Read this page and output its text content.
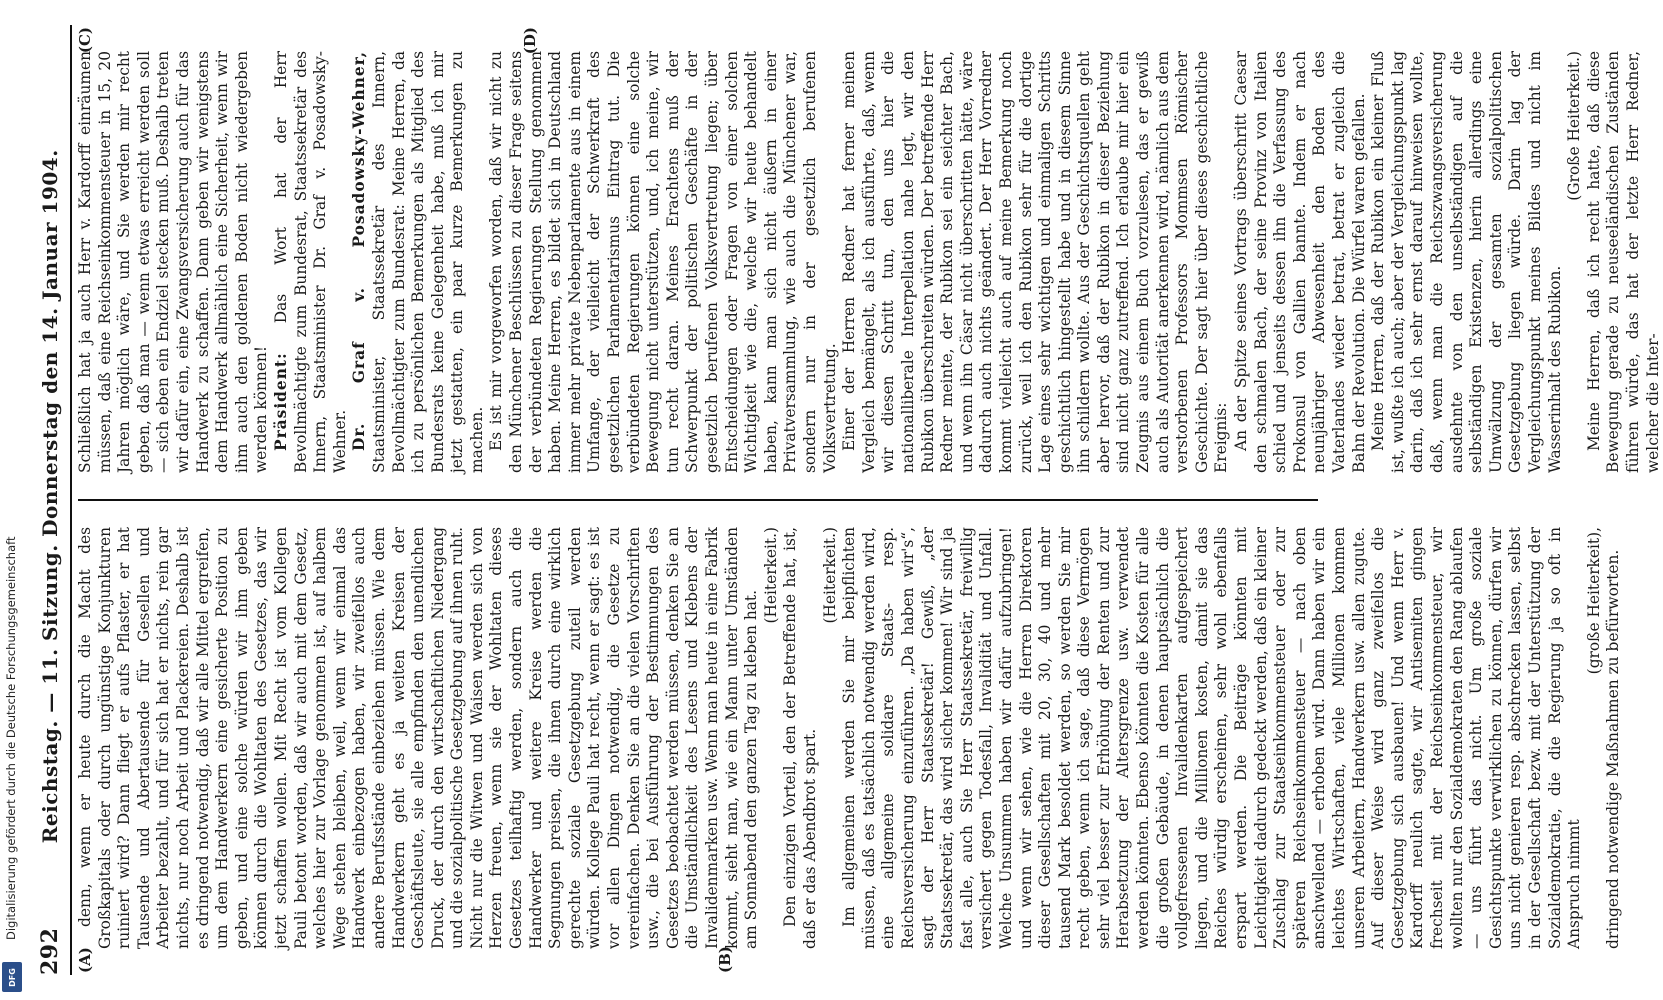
Digitalisierung gefördert durch die Deutsche Forschungsgemeinschaft
DFG
292
Reichstag. — 11. Sitzung. Donnerstag den 14. Januar 1904.
(A)	(B)

denn, wenn er heute durch die Macht des Großkapitals oder durch ungünstige Konjunkturen ruiniert wird? Dann fliegt er aufs Pflaster, er hat Tausende und Abertausende für Gesellen und Arbeiter bezahlt, und für sich hat er nichts, rein gar nichts, nur noch Arbeit und Plackereien. Deshalb ist es dringend notwendig, daß wir alle Mittel ergreifen, um dem Handwerkern eine gesicherte Position zu geben, und eine solche würden wir ihm geben können durch die Wohltaten des Gesetzes, das wir jetzt schaffen wollen. Mit Recht ist vom Kollegen Pauli betont worden, daß wir auch mit dem Gesetz, welches hier zur Vorlage genommen ist, auf halbem Wege stehen bleiben, weil, wenn wir einmal das Handwerk einbezogen haben, wir zweifellos auch andere Berufsstände einbeziehen müssen. Wie dem Handwerkern geht es ja weiten Kreisen der Geschäftsleute, sie alle empfinden den unendlichen Druck, der durch den wirtschaftlichen Niedergang und die sozialpolitische Gesetzgebung auf ihnen ruht. Nicht nur die Witwen und Waisen werden sich von Herzen freuen, wenn sie der Wohltaten dieses Gesetzes teilhaftig werden, sondern auch die Handwerker und weitere Kreise werden die Segnungen preisen, die ihnen durch eine wirklich gerechte soziale Gesetzgebung zuteil werden würden. Kollege Pauli hat recht, wenn er sagt: es ist vor allen Dingen notwendig, die Gesetze zu vereinfachen. Denken Sie an die vielen Vorschriften usw., die bei Ausführung der Bestimmungen des Gesetzes beobachtet werden müssen, denken Sie an die Umständlichkeit des Lesens und Klebens der Invalidenmarken usw. Wenn man heute in eine Fabrik kommt, sieht man, wie ein Mann unter Umständen am Sonnabend den ganzen Tag zu kleben hat.

(Heiterkeit.) Den einzigen Vorteil, den der Betreffende hat, ist, daß er das Abendbrot spart.

(Heiterkeit.) Im allgemeinen werden Sie mir beipflichten müssen, daß es tatsächlich notwendig werden wird, eine allgemeine solidare Staats- resp. Reichsversicherung einzuführen. „Da haben wir's“, sagt der Herr Staatssekretär! Gewiß, „der Staatssekretär, das wird sicher kommen! Wir sind ja fast alle, auch Sie Herr Staatssekretär, freiwillig versichert gegen Todesfall, Invalidität und Unfall. Welche Unsummen haben wir dafür aufzubringen! und wenn wir sehen, wie die Herren Direktoren dieser Gesellschaften mit 20, 30, 40 und mehr tausend Mark besoldet werden, so werden Sie mir recht geben, wenn ich sage, daß diese Vermögen sehr viel besser zur Erhöhung der Renten und zur Herabsetzung der Altersgrenze usw. verwendet werden könnten. Ebenso könnten die Kosten für alle die großen Gebäude, in denen hauptsächlich die vollgefressenen Invalidenkarten aufgespeichert liegen, und die Millionen kosten, damit sie das Reiches würdig erscheinen, sehr wohl ebenfalls erspart werden. Die Beiträge könnten mit Leichtigkeit dadurch gedeckt werden, daß ein kleiner Zuschlag zur Staatseinkommensteuer oder zur späteren Reichseinkommensteuer — nach oben anschwellend — erhoben wird. Dann haben wir ein leichtes Wirtschaften, viele Millionen kommen unseren Arbeitern, Handwerkern usw. allen zugute. Auf dieser Weise wird ganz zweifellos die Gesetzgebung sich ausbauen! Und wenn Herr v. Kardorff neulich sagte, wir Antisemiten gingen frechseit mit der Reichseinkommensteuer, wir wollten nur den Sozialdemokraten den Rang ablaufen — uns führt das nicht. Um große soziale Gesichtspunkte verwirklichen zu können, dürfen wir uns nicht genieren resp. abschrecken lassen, selbst in der Gesellschaft bezw. mit der Unterstützung der Sozialdemokratie, die die Regierung ja so oft in Anspruch nimmt

(große Heiterkeit), dringend notwendige Maßnahmen zu befürworten.

(C)	(D)

Schließlich hat ja auch Herr v. Kardorff einräumen müssen, daß eine Reichseinkommensteuer in 15, 20 Jahren möglich wäre, und Sie werden mir recht geben, daß man — wenn etwas erreicht werden soll — sich eben ein Endziel stecken muß. Deshalb treten wir dafür ein, eine Zwangsversicherung auch für das Handwerk zu schaffen. Dann geben wir wenigstens dem Handwerk allmählich eine Sicherheit, wenn wir ihm auch den goldenen Boden nicht wiedergeben werden können! Präsident: Das Wort hat der Herr Bevollmächtigte zum Bundesrat, Staatssekretär des Innern, Staatsminister Dr. Graf v. Posadowsky-Wehner. Dr. Graf v. Posadowsky-Wehner, Staatsminister, Staatssekretär des Innern, Bevollmächtigter zum Bundesrat: Meine Herren, da ich zu persönlichen Bemerkungen als Mitglied des Bundesrats keine Gelegenheit habe, muß ich mir jetzt gestatten, ein paar kurze Bemerkungen zu machen. Es ist mir vorgeworfen worden, daß wir nicht zu den Münchener Beschlüssen zu dieser Frage seitens der verbündeten Regierungen Stellung genommen haben. Meine Herren, es bildet sich in Deutschland immer mehr private Nebenparlamente aus in einem Umfange, der vielleicht der Schwerkraft des gesetzlichen Parlamentarismus Eintrag tut. Die verbündeten Regierungen können eine solche Bewegung nicht unterstützen, und, ich meine, wir tun recht daran. Meines Erachtens muß der Schwerpunkt der politischen Geschäfte in der gesetzlich berufenen Volksvertretung liegen; über Entscheidungen oder Fragen von einer solchen Wichtigkeit wie die, welche wir heute behandelt haben, kann man sich nicht äußern in einer Privatversammlung, wie auch die Münchener war, sondern nur in der gesetzlich berufenen Volksvertretung. Einer der Herren Redner hat ferner meinen Vergleich bemängelt, als ich ausführte, daß, wenn wir diesen Schritt tun, den uns hier die nationalliberale Interpellation nahe legt, wir den Rubikon überschreiten würden. Der betreffende Herr Redner meinte, der Rubikon sei ein seichter Bach, und wenn ihn Cäsar nicht überschritten hätte, wäre dadurch auch nichts geändert. Der Herr Vorredner kommt vielleicht auch auf meine Bemerkung noch zurück, weil ich den Rubikon sehr für die dortige Lage eines sehr wichtigen und einmaligen Schritts geschichtlich hingestellt habe und in diesem Sinne ihn schildern wollte. Aus der Geschichtsquellen geht aber hervor, daß der Rubikon in dieser Beziehung sind nicht ganz zutreffend. Ich erlaube mir hier ein Zeugnis aus einem Buch vorzulesen, das er gewiß auch als Autorität anerkennen wird, nämlich aus dem verstorbenen Professors Mommsen Römischer Geschichte. Der sagt hier über dieses geschichtliche Ereignis: An der Spitze seines Vortrags überschritt Caesar den schmalen Bach, der seine Provinz von Italien schied und jenseits dessen ihn die Verfassung des Prokonsul von Gallien bannte. Indem er nach neunjähriger Abwesenheit den Boden des Vaterlandes wieder betrat, betrat er zugleich die Bahn der Revolution. Die Würfel waren gefallen. Meine Herren, daß der Rubikon ein kleiner Fluß ist, wußte ich auch; aber der Vergleichungspunkt lag darin, daß ich sehr ernst darauf hinweisen wollte, daß, wenn man die Reichszwangsversicherung ausdehnte von den unselbständigen auf die selbständigen Existenzen, hierin allerdings eine Umwälzung der gesamten sozialpolitischen Gesetzgebung liegen würde. Darin lag der Vergleichungspunkt meines Bildes und nicht im Wasserinhalt des Rubikon.

(Große Heiterkeit.) Meine Herren, daß ich recht hatte, daß diese Bewegung gerade zu neuseeländischen Zuständen führen würde, das hat der letzte Herr Redner, welcher die Inter-
